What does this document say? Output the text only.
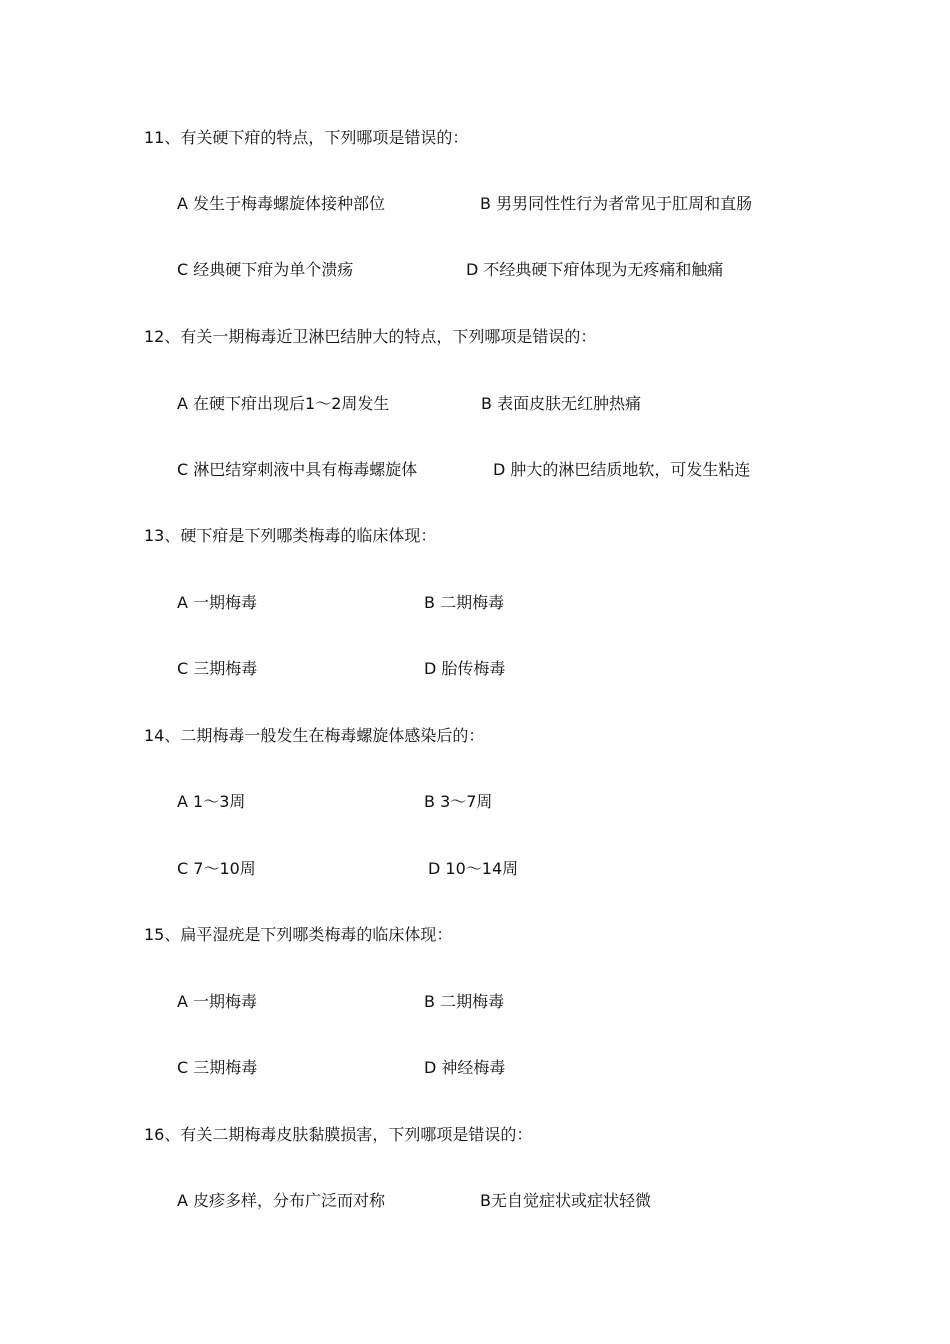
11、有关硬下疳的特点，下列哪项是错误的：
A 发生于梅毒螺旋体接种部位	B 男男同性性行为者常见于肛周和直肠
C 经典硬下疳为单个溃疡	D 不经典硬下疳体现为无疼痛和触痛
12、有关一期梅毒近卫淋巴结肿大的特点，下列哪项是错误的：
A 在硬下疳出现后1～2周发生	B 表面皮肤无红肿热痛
C 淋巴结穿刺液中具有梅毒螺旋体	D 肿大的淋巴结质地软，可发生粘连
13、硬下疳是下列哪类梅毒的临床体现：
A 一期梅毒	B 二期梅毒
C 三期梅毒	D 胎传梅毒
14、二期梅毒一般发生在梅毒螺旋体感染后的：
A 1～3周	B 3～7周
C 7～10周	D 10～14周
15、扁平湿疣是下列哪类梅毒的临床体现：
A 一期梅毒	B 二期梅毒
C 三期梅毒	D 神经梅毒
16、有关二期梅毒皮肤黏膜损害，下列哪项是错误的：
A 皮疹多样，分布广泛而对称	B无自觉症状或症状轻微
